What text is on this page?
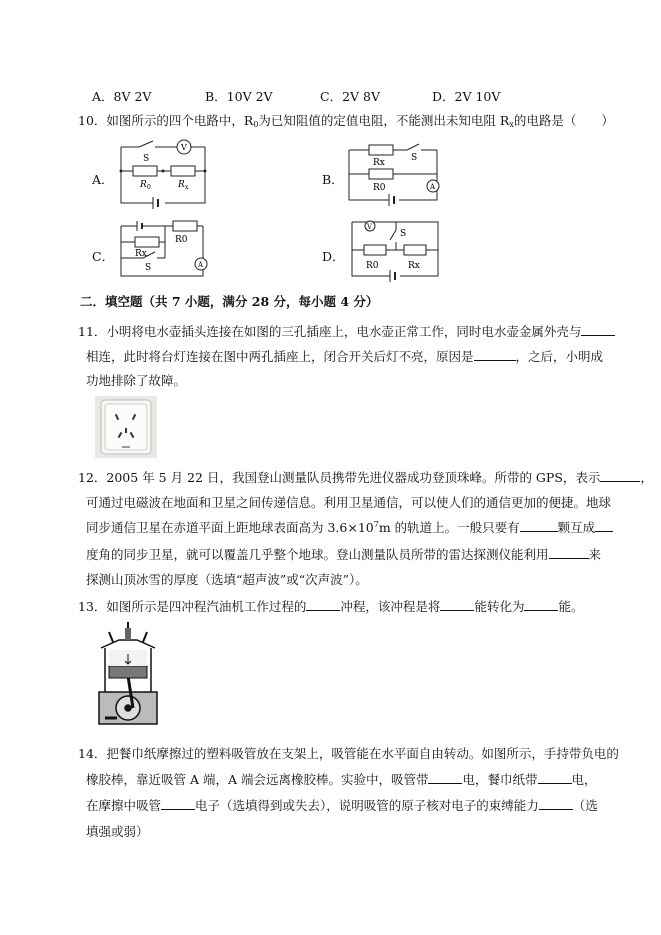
A．8V 2V	B．10V 2V	C．2V 8V	D．2V 10V
10．如图所示的四个电路中，$R_0$为已知阻值的定值电阻，不能测出未知电阻 $R_x$的电路是（　　）
A．	B．
C．	D．
V
S
R 0	R x
Rx
R0
S
A
Rx
R0
S	A
V
S
R0	Rx
二．填空题（共 7 小题，满分 28 分，每小题 4 分）
11．小明将电水壶插头连接在如图的三孔插座上，电水壶正常工作，同时电水壶金属外壳与
相连，此时将台灯连接在图中两孔插座上，闭合开关后灯不亮，原因是	，之后，小明成
功地排除了故障。
12．2005 年 5 月 22 日，我国登山测量队员携带先进仪器成功登顶珠峰。所带的 GPS，表示	，
可通过电磁波在地面和卫星之间传递信息。利用卫星通信，可以使人们的通信更加的便捷。地球
同步通信卫星在赤道平面上距地球表面高为 $3.6\times 10^7m$ 的轨道上。一般只要有	颗互成
度角的同步卫星，就可以覆盖几乎整个地球。登山测量队员所带的雷达探测仪能利用	来
探测山顶冰雪的厚度（选填“超声波”或“次声波”）。
13．如图所示是四冲程汽油机工作过程的	冲程，该冲程是将	能转化为	能。
14．把餐巾纸摩擦过的塑料吸管放在支架上，吸管能在水平面自由转动。如图所示，手持带负电的
橡胶棒，靠近吸管 A 端，A 端会远离橡胶棒。实验中，吸管带	电，餐巾纸带	电，
在摩擦中吸管	电子（选填得到或失去），说明吸管的原子核对电子的束缚能力	（选
填强或弱）
